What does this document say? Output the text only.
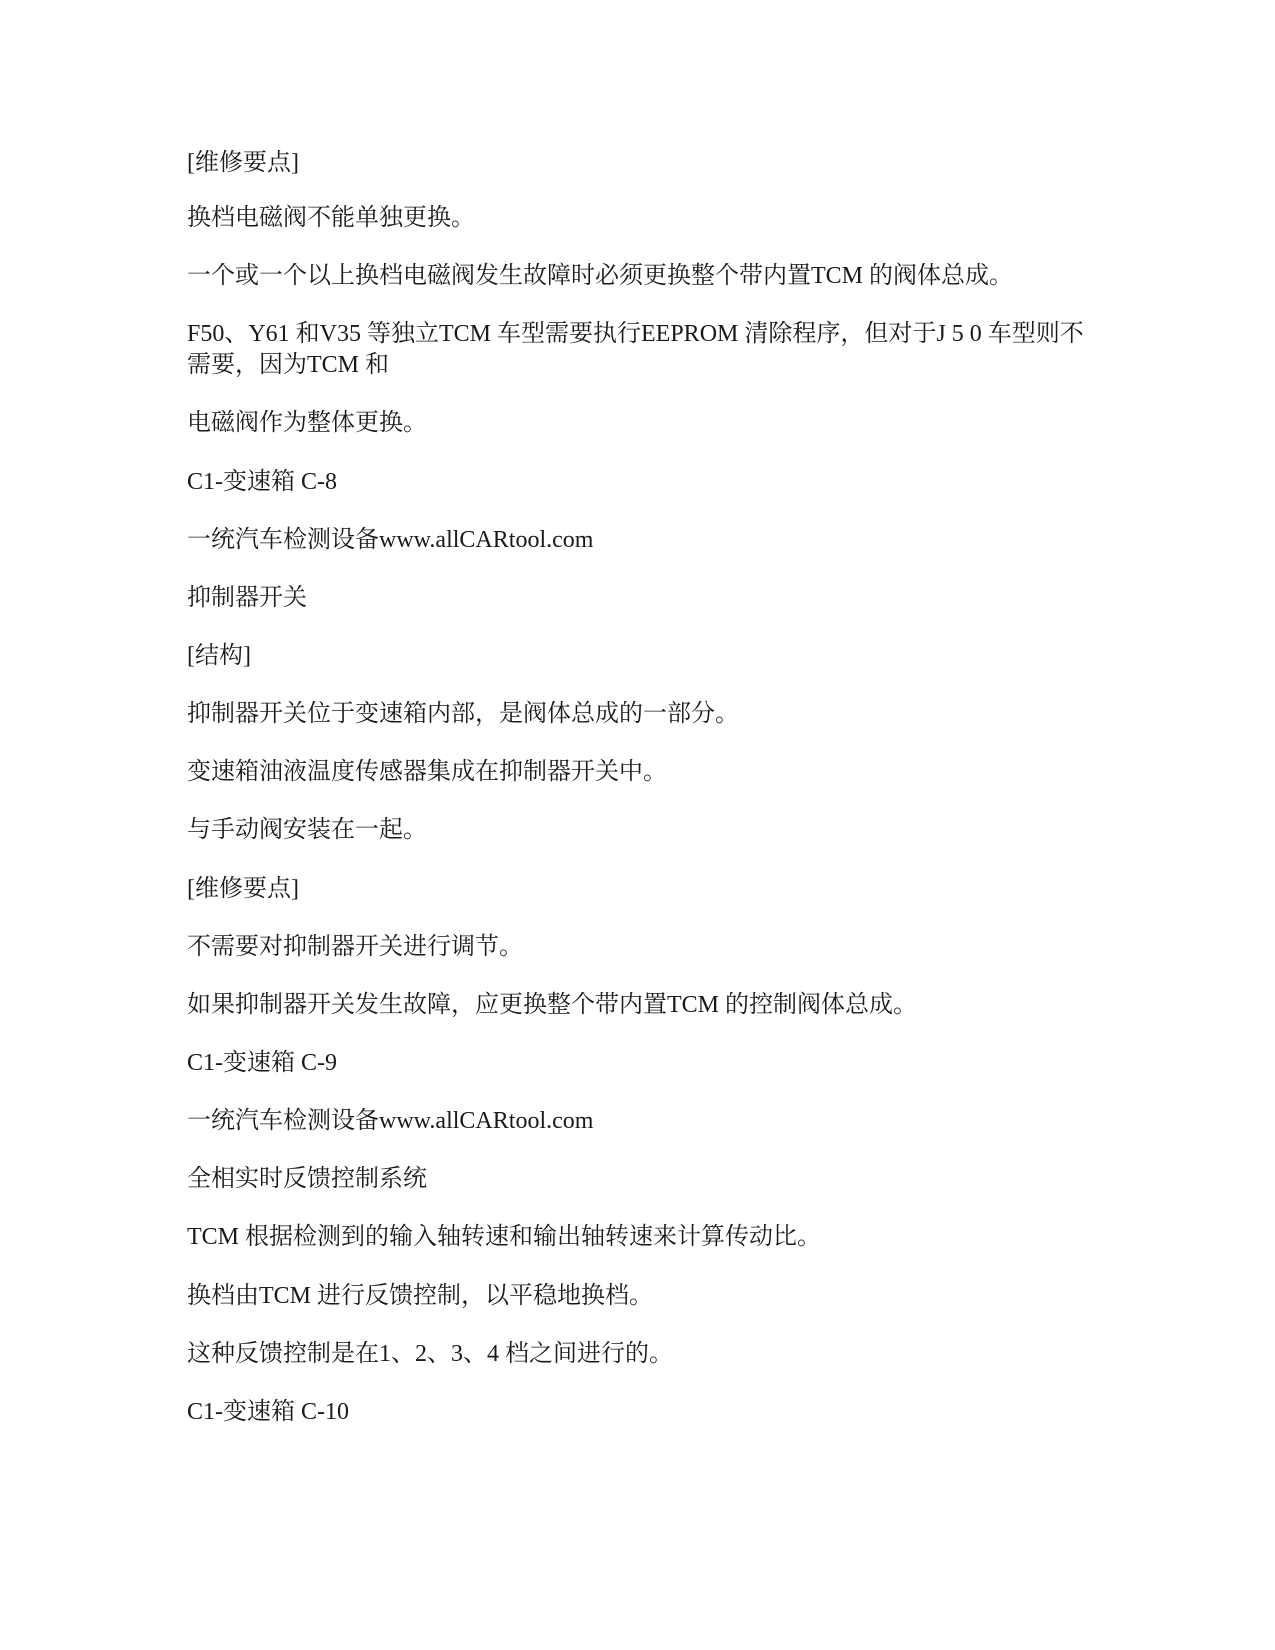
[维修要点]

换档电磁阀不能单独更换。

一个或一个以上换档电磁阀发生故障时必须更换整个带内置TCM 的阀体总成。

F50、Y61 和V35 等独立TCM 车型需要执行EEPROM 清除程序，但对于J 5 0 车型则不需要，因为TCM 和

电磁阀作为整体更换。

C1-变速箱 C-8

一统汽车检测设备www.allCARtool.com

抑制器开关

[结构]

抑制器开关位于变速箱内部，是阀体总成的一部分。

变速箱油液温度传感器集成在抑制器开关中。

与手动阀安装在一起。

[维修要点]

不需要对抑制器开关进行调节。

如果抑制器开关发生故障，应更换整个带内置TCM 的控制阀体总成。

C1-变速箱 C-9

一统汽车检测设备www.allCARtool.com

全相实时反馈控制系统

TCM 根据检测到的输入轴转速和输出轴转速来计算传动比。

换档由TCM 进行反馈控制，以平稳地换档。

这种反馈控制是在1、2、3、4 档之间进行的。

C1-变速箱 C-10
